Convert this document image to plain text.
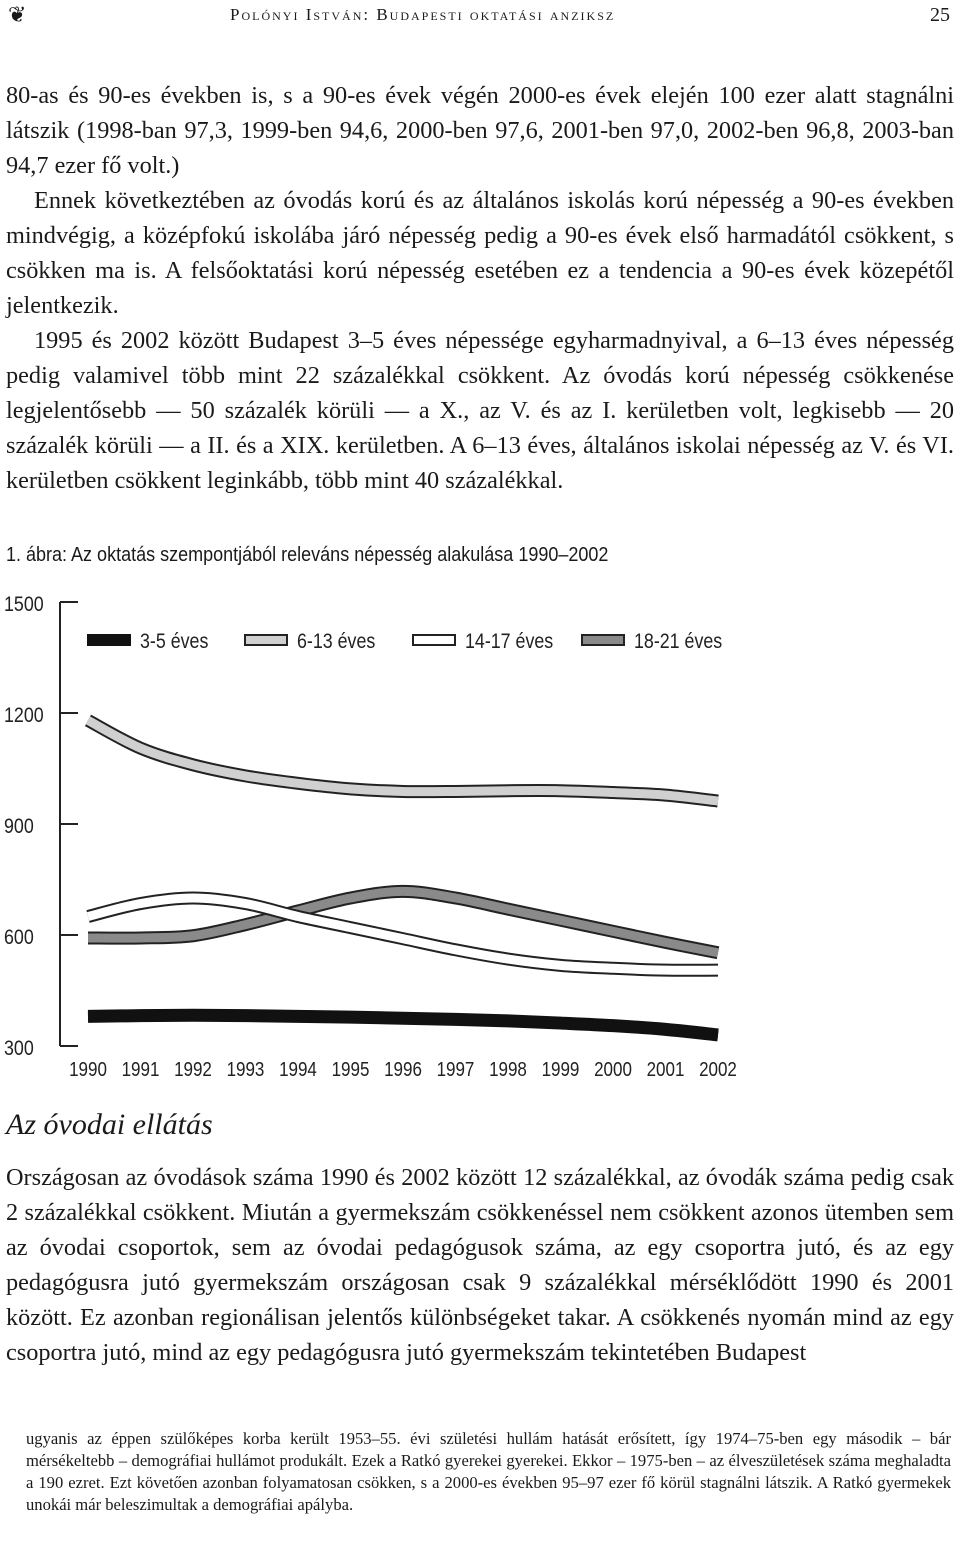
❦	Polónyi István: Budapesti oktatási anziksz	25

80-as és 90-es években is, s a 90-es évek végén 2000-es évek elején 100 ezer alatt stagnálni látszik (1998-ban 97,3, 1999-ben 94,6, 2000-ben 97,6, 2001-ben 97,0, 2002-ben 96,8, 2003-ban 94,7 ezer fő volt.)

Ennek következtében az óvodás korú és az általános iskolás korú népesség a 90-es években mindvégig, a középfokú iskolába járó népesség pedig a 90-es évek első harmadától csökkent, s csökken ma is. A felsőoktatási korú népesség esetében ez a tendencia a 90-es évek közepétől jelentkezik.

1995 és 2002 között Budapest 3–5 éves népessége egyharmadnyival, a 6–13 éves népesség pedig valamivel több mint 22 százalékkal csökkent. Az óvodás korú népesség csökkenése legjelentősebb — 50 százalék körüli — a X., az V. és az I. kerületben volt, legkisebb — 20 százalék körüli — a II. és a XIX. kerületben. A 6–13 éves, általános iskolai népesség az V. és VI. kerületben csökkent leginkább, több mint 40 százalékkal.

1. ábra: Az oktatás szempontjából releváns népesség alakulása 1990–2002
300
600
900
1200
1500
1990 1991 1992 1993 1994 1995 1996 1997 1998 1999 2000 2001 2002
3-5 éves	6-13 éves	14-17 éves	18-21 éves
Az óvodai ellátás

Országosan az óvodások száma 1990 és 2002 között 12 százalékkal, az óvodák száma pedig csak 2 százalékkal csökkent. Miután a gyermekszám csökkenéssel nem csökkent azonos ütemben sem az óvodai csoportok, sem az óvodai pedagógusok száma, az egy csoportra jutó, és az egy pedagógusra jutó gyermekszám országosan csak 9 százalékkal mérséklődött 1990 és 2001 között. Ez azonban regionálisan jelentős különbségeket takar. A csökkenés nyomán mind az egy csoportra jutó, mind az egy pedagógusra jutó gyermekszám tekintetében Budapest

ugyanis az éppen szülőképes korba került 1953–55. évi születési hullám hatását erősített, így 1974–75-ben egy második – bár mérsékeltebb – demográfiai hullámot produkált. Ezek a Ratkó gyerekei gyerekei. Ekkor – 1975-ben – az élveszületések száma meghaladta a 190 ezret. Ezt követően azonban folyamatosan csökken, s a 2000-es években 95–97 ezer fő körül stagnálni látszik. A Ratkó gyermekek unokái már beleszimultak a demográfiai apályba.
